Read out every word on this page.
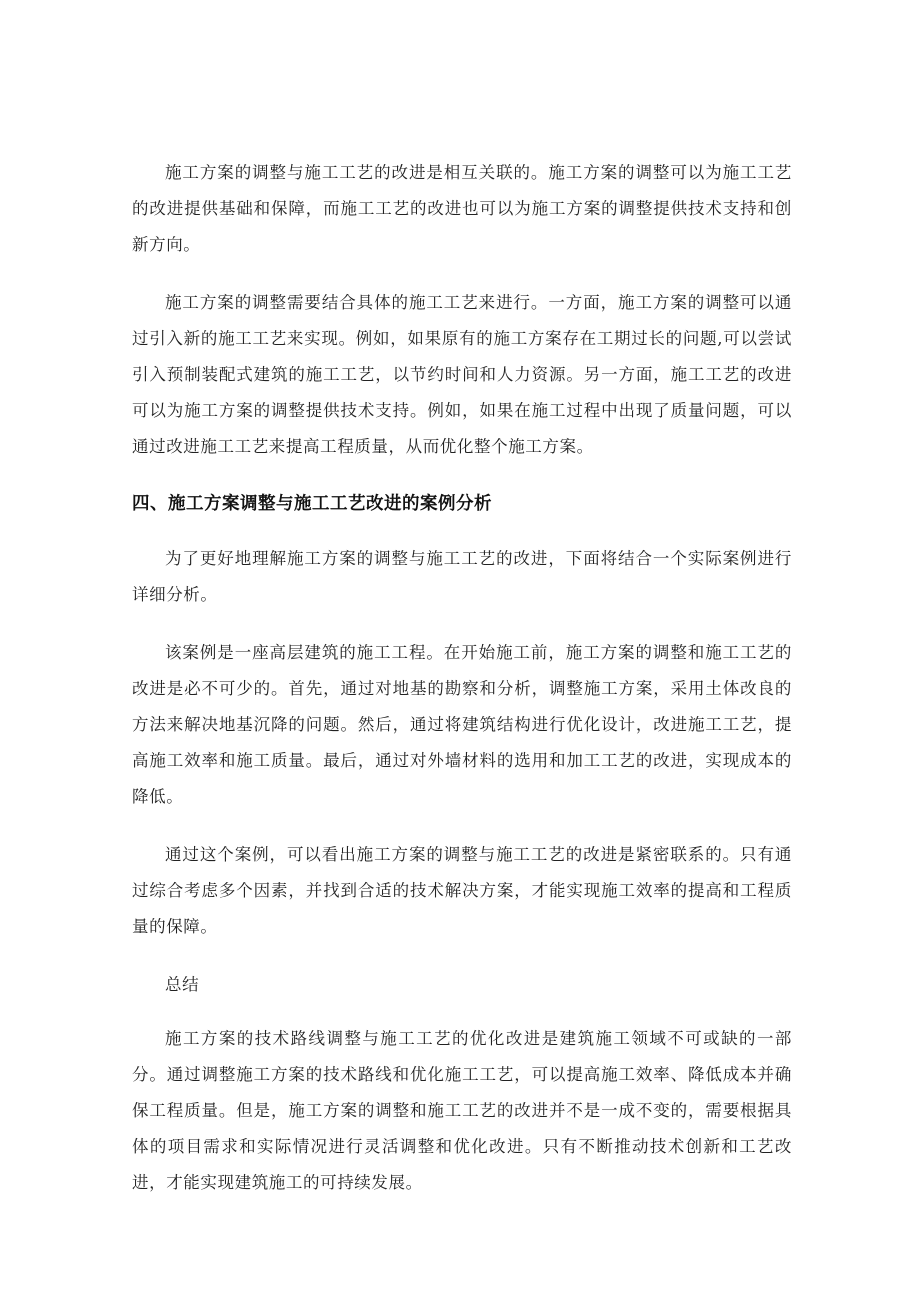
施工方案的调整与施工工艺的改进是相互关联的。施工方案的调整可以为施工工艺的改进提供基础和保障，而施工工艺的改进也可以为施工方案的调整提供技术支持和创新方向。

施工方案的调整需要结合具体的施工工艺来进行。一方面，施工方案的调整可以通过引入新的施工工艺来实现。例如，如果原有的施工方案存在工期过长的问题,可以尝试引入预制装配式建筑的施工工艺，以节约时间和人力资源。另一方面，施工工艺的改进可以为施工方案的调整提供技术支持。例如，如果在施工过程中出现了质量问题，可以通过改进施工工艺来提高工程质量，从而优化整个施工方案。

四、施工方案调整与施工工艺改进的案例分析

为了更好地理解施工方案的调整与施工工艺的改进，下面将结合一个实际案例进行详细分析。

该案例是一座高层建筑的施工工程。在开始施工前，施工方案的调整和施工工艺的改进是必不可少的。首先，通过对地基的勘察和分析，调整施工方案，采用土体改良的方法来解决地基沉降的问题。然后，通过将建筑结构进行优化设计，改进施工工艺，提高施工效率和施工质量。最后，通过对外墙材料的选用和加工工艺的改进，实现成本的降低。

通过这个案例，可以看出施工方案的调整与施工工艺的改进是紧密联系的。只有通过综合考虑多个因素，并找到合适的技术解决方案，才能实现施工效率的提高和工程质量的保障。

总结

施工方案的技术路线调整与施工工艺的优化改进是建筑施工领域不可或缺的一部分。通过调整施工方案的技术路线和优化施工工艺，可以提高施工效率、降低成本并确保工程质量。但是，施工方案的调整和施工工艺的改进并不是一成不变的，需要根据具体的项目需求和实际情况进行灵活调整和优化改进。只有不断推动技术创新和工艺改进，才能实现建筑施工的可持续发展。
